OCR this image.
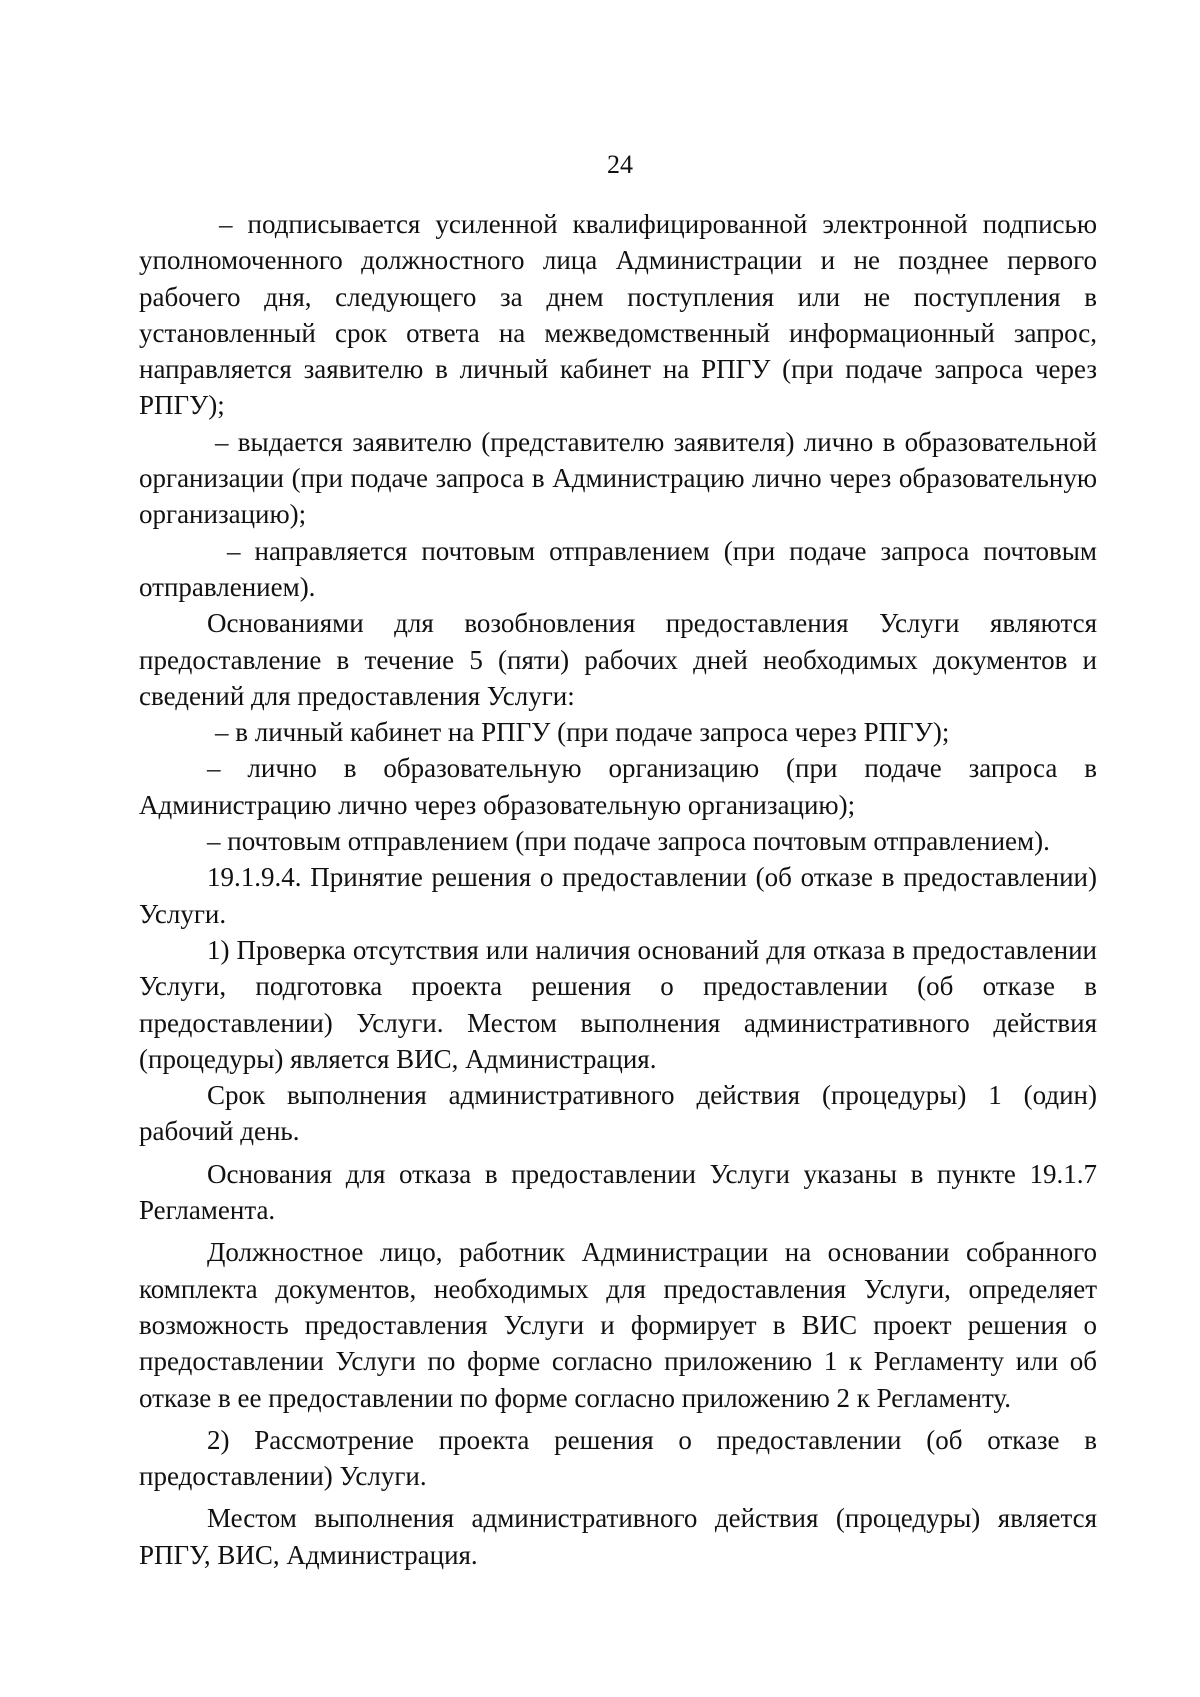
24

– подписывается усиленной квалифицированной электронной подписью уполномоченного должностного лица Администрации и не позднее первого рабочего дня, следующего за днем поступления или не поступления в установленный срок ответа на межведомственный информационный запрос, направляется заявителю в личный кабинет на РПГУ (при подаче запроса через РПГУ);

– выдается заявителю (представителю заявителя) лично в образовательной организации (при подаче запроса в Администрацию лично через образовательную организацию);

– направляется почтовым отправлением (при подаче запроса почтовым отправлением).

Основаниями для возобновления предоставления Услуги являются предоставление в течение 5 (пяти) рабочих дней необходимых документов и сведений для предоставления Услуги:

– в личный кабинет на РПГУ (при подаче запроса через РПГУ);

– лично в образовательную организацию (при подаче запроса в Администрацию лично через образовательную организацию);

– почтовым отправлением (при подаче запроса почтовым отправлением).

19.1.9.4. Принятие решения о предоставлении (об отказе в предоставлении) Услуги.

1) Проверка отсутствия или наличия оснований для отказа в предоставлении Услуги, подготовка проекта решения о предоставлении (об отказе в предоставлении) Услуги. Местом выполнения административного действия (процедуры) является ВИС, Администрация.

Срок выполнения административного действия (процедуры) 1 (один) рабочий день.

Основания для отказа в предоставлении Услуги указаны в пункте 19.1.7 Регламента.

Должностное лицо, работник Администрации на основании собранного комплекта документов, необходимых для предоставления Услуги, определяет возможность предоставления Услуги и формирует в ВИС проект решения о предоставлении Услуги по форме согласно приложению 1 к Регламенту или об отказе в ее предоставлении по форме согласно приложению 2 к Регламенту.

2) Рассмотрение проекта решения о предоставлении (об отказе в предоставлении) Услуги.

Местом выполнения административного действия (процедуры) является РПГУ, ВИС, Администрация.
